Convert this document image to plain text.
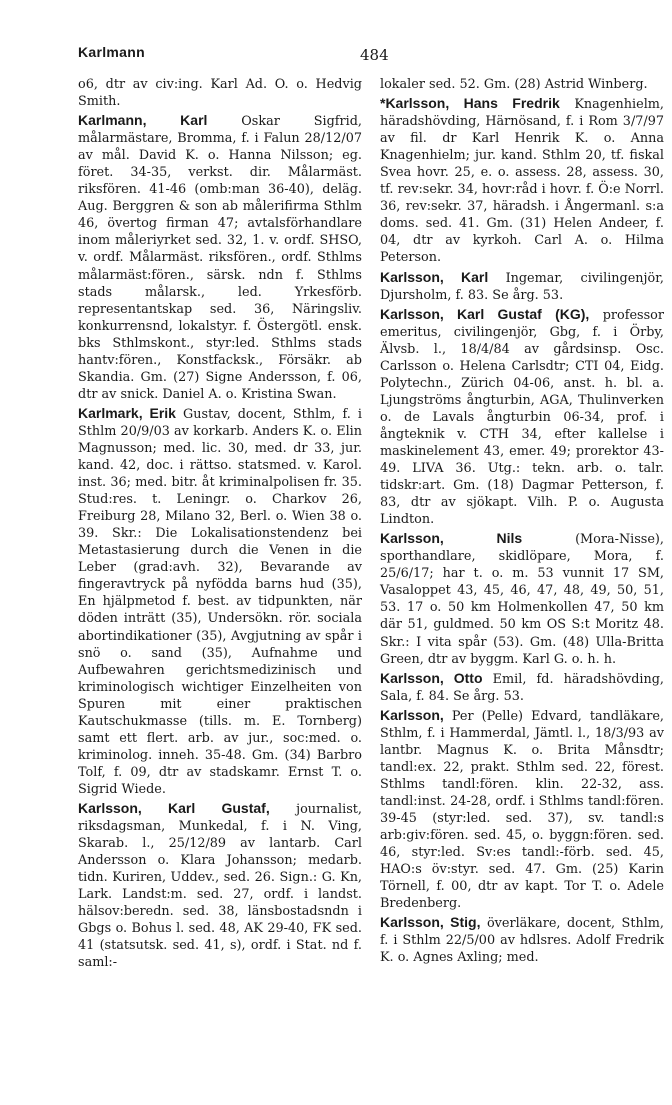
Karlmann	484

o6, dtr av civ:ing. Karl Ad. O. o. Hedvig Smith.

Karlmann, Karl Oskar Sigfrid, målarmästare, Bromma, f. i Falun 28/12/07 av mål. David K. o. Hanna Nilsson; eg. föret. 34-35, verkst. dir. Målarmäst. riksfören. 41-46 (omb:man 36-40), deläg. Aug. Berggren & son ab målerifirma Sthlm 46, övertog firman 47; avtalsförhandlare inom måleriyrket sed. 32, 1. v. ordf. SHSO, v. ordf. Målarmäst. riksfören., ordf. Sthlms målarmäst:fören., särsk. ndn f. Sthlms stads målarsk., led. Yrkesförb. representantskap sed. 36, Näringsliv. konkurrensnd, lokalstyr. f. Östergötl. ensk. bks Sthlmskont., styr:led. Sthlms stads hantv:fören., Konstfacksk., Försäkr. ab Skandia. Gm. (27) Signe Andersson, f. 06, dtr av snick. Daniel A. o. Kristina Swan.

Karlmark, Erik Gustav, docent, Sthlm, f. i Sthlm 20/9/03 av korkarb. Anders K. o. Elin Magnusson; med. lic. 30, med. dr 33, jur. kand. 42, doc. i rättso. statsmed. v. Karol. inst. 36; med. bitr. åt kriminalpolisen fr. 35. Stud:res. t. Leningr. o. Charkov 26, Freiburg 28, Milano 32, Berl. o. Wien 38 o. 39. Skr.: Die Lokalisationstendenz bei Metastasierung durch die Venen in die Leber (grad:avh. 32), Bevarande av fingeravtryck på nyfödda barns hud (35), En hjälpmetod f. best. av tidpunkten, när döden inträtt (35), Undersökn. rör. sociala abortindikationer (35), Avgjutning av spår i snö o. sand (35), Aufnahme und Aufbewahren gerichtsmedizinisch und kriminologisch wichtiger Einzelheiten von Spuren mit einer praktischen Kautschukmasse (tills. m. E. Tornberg) samt ett flert. arb. av jur., soc:med. o. kriminolog. inneh. 35-48. Gm. (34) Barbro Tolf, f. 09, dtr av stadskamr. Ernst T. o. Sigrid Wiede.

Karlsson, Karl Gustaf, journalist, riksdagsman, Munkedal, f. i N. Ving, Skarab. l., 25/12/89 av lantarb. Carl Andersson o. Klara Johansson; medarb. tidn. Kuriren, Uddev., sed. 26. Sign.: G. Kn, Lark. Landst:m. sed. 27, ordf. i landst. hälsov:beredn. sed. 38, länsbostadsndn i Gbgs o. Bohus l. sed. 48, AK 29-40, FK sed. 41 (statsutsk. sed. 41, s), ordf. i Stat. nd f. saml:-

lokaler sed. 52. Gm. (28) Astrid Winberg.

*Karlsson, Hans Fredrik Knagenhielm, häradshövding, Härnösand, f. i Rom 3/7/97 av fil. dr Karl Henrik K. o. Anna Knagenhielm; jur. kand. Sthlm 20, tf. fiskal Svea hovr. 25, e. o. assess. 28, assess. 30, tf. rev:sekr. 34, hovr:råd i hovr. f. Ö:e Norrl. 36, rev:sekr. 37, häradsh. i Ångermanl. s:a doms. sed. 41. Gm. (31) Helen Andeer, f. 04, dtr av kyrkoh. Carl A. o. Hilma Peterson.

Karlsson, Karl Ingemar, civilingenjör, Djursholm, f. 83. Se årg. 53.

Karlsson, Karl Gustaf (KG), professor emeritus, civilingenjör, Gbg, f. i Örby, Älvsb. l., 18/4/84 av gårdsinsp. Osc. Carlsson o. Helena Carlsdtr; CTI 04, Eidg. Polytechn., Zürich 04-06, anst. h. bl. a. Ljungströms ångturbin, AGA, Thulinverken o. de Lavals ångturbin 06-34, prof. i ångteknik v. CTH 34, efter kallelse i maskinelement 43, emer. 49; prorektor 43-49. LIVA 36. Utg.: tekn. arb. o. talr. tidskr:art. Gm. (18) Dagmar Petterson, f. 83, dtr av sjökapt. Vilh. P. o. Augusta Lindton.

Karlsson, Nils (Mora-Nisse), sporthandlare, skidlöpare, Mora, f. 25/6/17; har t. o. m. 53 vunnit 17 SM, Vasaloppet 43, 45, 46, 47, 48, 49, 50, 51, 53. 17 o. 50 km Holmenkollen 47, 50 km där 51, guldmed. 50 km OS S:t Moritz 48. Skr.: I vita spår (53). Gm. (48) Ulla-Britta Green, dtr av byggm. Karl G. o. h. h.

Karlsson, Otto Emil, fd. häradshövding, Sala, f. 84. Se årg. 53.

Karlsson, Per (Pelle) Edvard, tandläkare, Sthlm, f. i Hammerdal, Jämtl. l., 18/3/93 av lantbr. Magnus K. o. Brita Månsdtr; tandl:ex. 22, prakt. Sthlm sed. 22, förest. Sthlms tandl:fören. klin. 22-32, ass. tandl:inst. 24-28, ordf. i Sthlms tandl:fören. 39-45 (styr:led. sed. 37), sv. tandl:s arb:giv:fören. sed. 45, o. byggn:fören. sed. 46, styr:led. Sv:es tandl:-förb. sed. 45, HAO:s öv:styr. sed. 47. Gm. (25) Karin Törnell, f. 00, dtr av kapt. Tor T. o. Adele Bredenberg.

Karlsson, Stig, överläkare, docent, Sthlm, f. i Sthlm 22/5/00 av hdlsres. Adolf Fredrik K. o. Agnes Axling; med.
